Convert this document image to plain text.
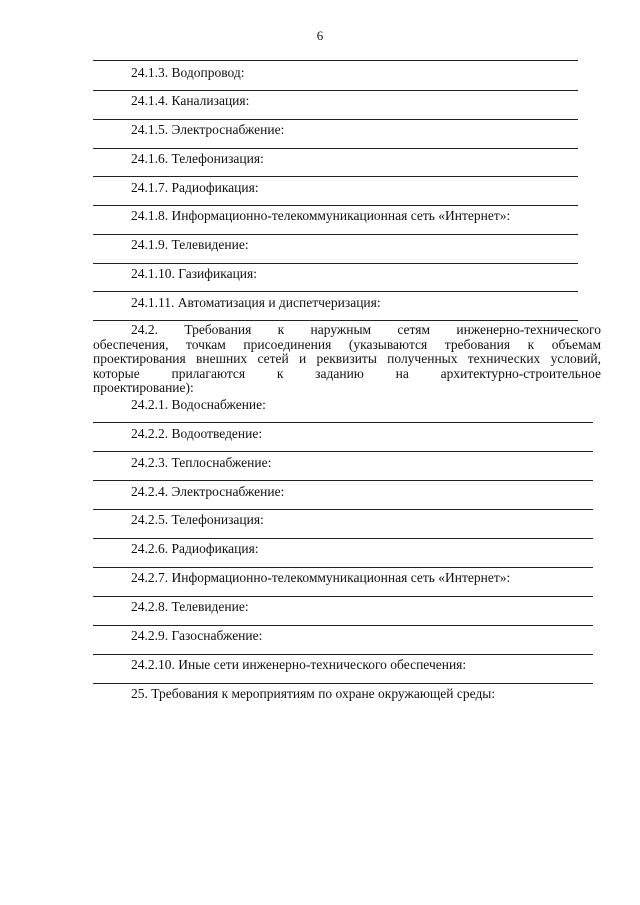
6
24.1.3. Водопровод:
24.1.4. Канализация:
24.1.5. Электроснабжение:
24.1.6. Телефонизация:
24.1.7. Радиофикация:
24.1.8. Информационно-телекоммуникационная сеть «Интернет»:
24.1.9. Телевидение:
24.1.10. Газификация:
24.1.11. Автоматизация и диспетчеризация:
24.2. Требования к наружным сетям инженерно-технического
обеспечения, точкам присоединения (указываются требования к объемам
проектирования внешних сетей и реквизиты полученных технических условий,
которые прилагаются к заданию на архитектурно-строительное
проектирование):
24.2.1. Водоснабжение:
24.2.2. Водоотведение:
24.2.3. Теплоснабжение:
24.2.4. Электроснабжение:
24.2.5. Телефонизация:
24.2.6. Радиофикация:
24.2.7. Информационно-телекоммуникационная сеть «Интернет»:
24.2.8. Телевидение:
24.2.9. Газоснабжение:
24.2.10. Иные сети инженерно-технического обеспечения:
25. Требования к мероприятиям по охране окружающей среды:
